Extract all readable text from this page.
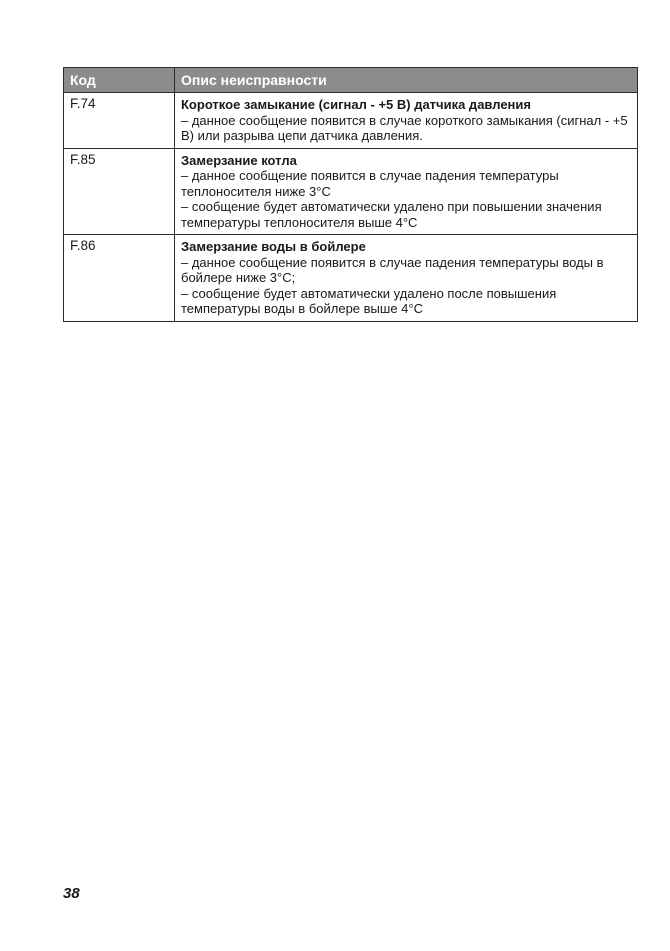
Код	Опис неисправности
F.74	Короткое замыкание (сигнал - +5 В) датчика давления
– данное сообщение появится в случае короткого замыкания (сигнал - +5 В) или разрыва цепи датчика давления.

F.85	Замерзание котла
– данное сообщение появится в случае падения температуры теплоносителя ниже 3°C
– сообщение будет автоматически удалено при повышении значения температуры теплоносителя выше 4°C

F.86	Замерзание воды в бойлере
– данное сообщение появится в случае падения температуры воды в бойлере ниже 3°C;
– сообщение будет автоматически удалено после повышения температуры воды в бойлере выше 4°C
38
